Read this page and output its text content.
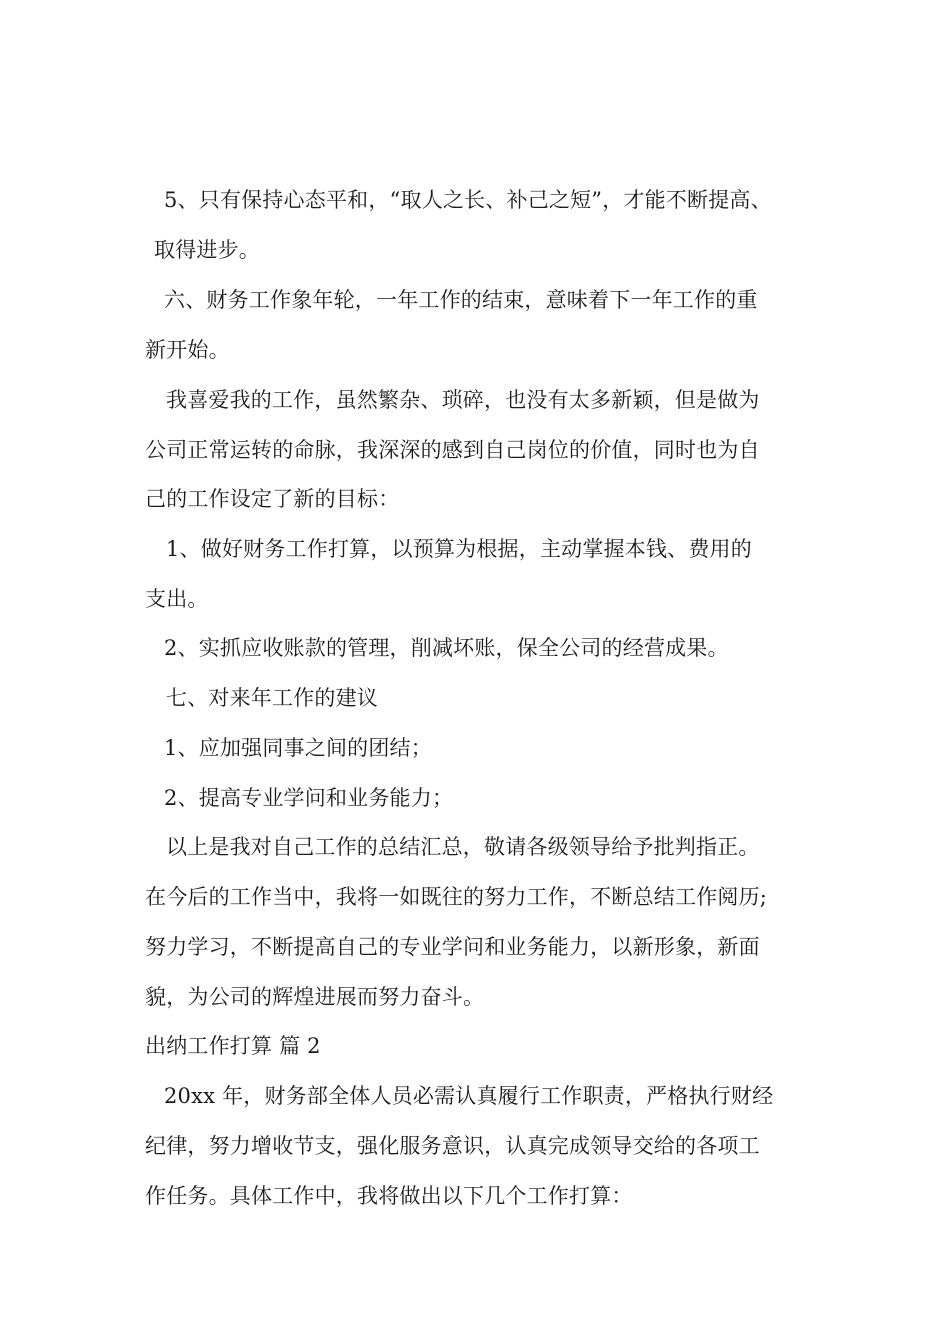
5、只有保持心态平和，“取人之长、补己之短”，才能不断提高、
取得进步。
六、财务工作象年轮，一年工作的结束，意味着下一年工作的重
新开始。
我喜爱我的工作，虽然繁杂、琐碎，也没有太多新颖，但是做为
公司正常运转的命脉，我深深的感到自己岗位的价值，同时也为自
己的工作设定了新的目标：
1、做好财务工作打算，以预算为根据，主动掌握本钱、费用的
支出。
2、实抓应收账款的管理，削减坏账，保全公司的经营成果。
七、对来年工作的建议
1、应加强同事之间的团结；
2、提高专业学问和业务能力；
以上是我对自己工作的总结汇总，敬请各级领导给予批判指正。
在今后的工作当中，我将一如既往的努力工作，不断总结工作阅历;
努力学习，不断提高自己的专业学问和业务能力，以新形象，新面
貌，为公司的辉煌进展而努力奋斗。
出纳工作打算 篇 2
20xx 年，财务部全体人员必需认真履行工作职责，严格执行财经
纪律，努力增收节支，强化服务意识，认真完成领导交给的各项工
作任务。具体工作中，我将做出以下几个工作打算：
